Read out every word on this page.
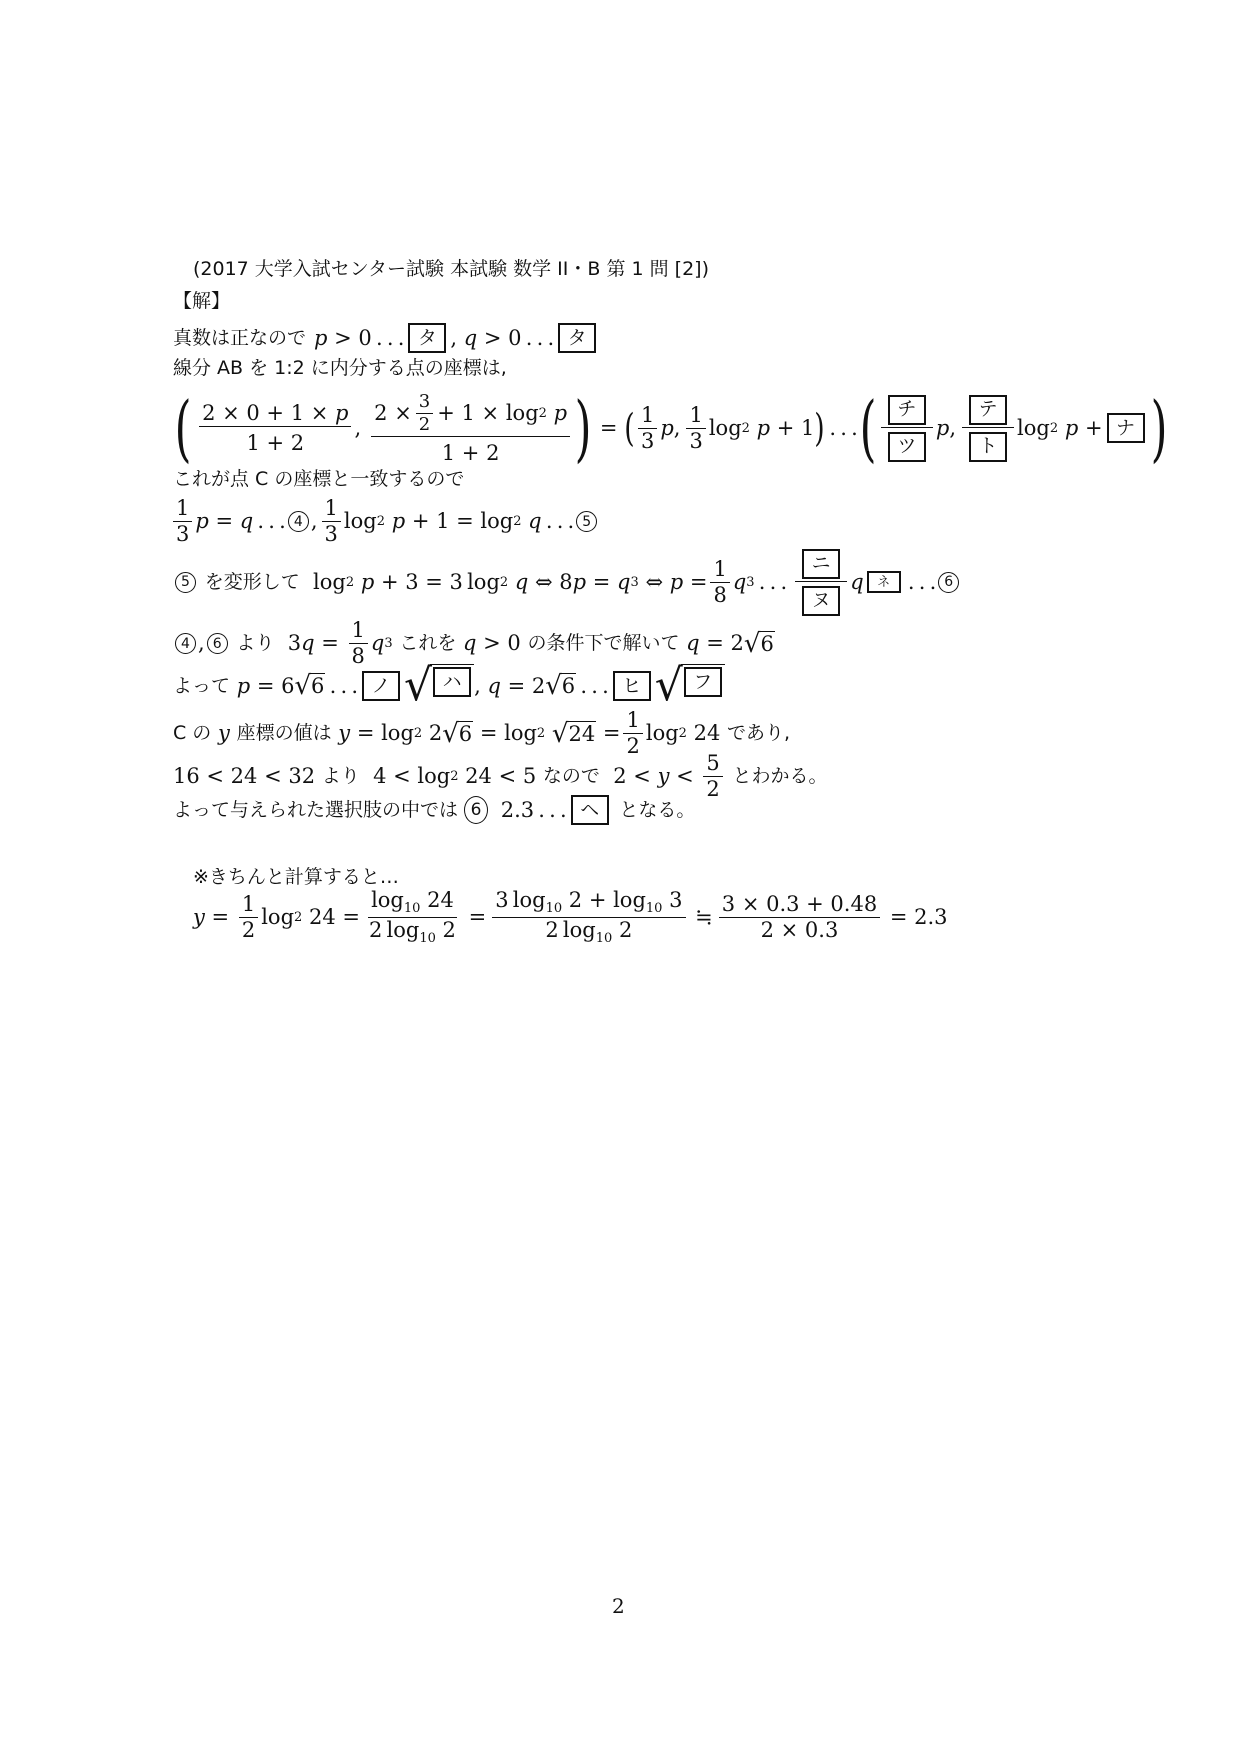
(2017 大学入試センター試験 本試験 数学 II・B 第 1 問 [2])
【解】
真数は正なので p > 0 . . . タ , q > 0 . . . タ
線分 AB を 1:2 に内分する点の座標は,
( $\frac{2 \times 0 + 1 \times p}{1 + 2}$ , $2 \times \frac{3}{2} + 1 \times \log 2$
p
1 + 2 ) = ( $\frac{1}{3}$ p , $\frac{1}{3}$ log 2
p + 1 )  . . . ( $\frac{\text{チ}}{\text{ツ}}$ p , $\frac{\text{テ}}{\text{ト}}$ log 2
p + ナ )
これが点 C の座標と一致するので
$\frac{1}{3}$ p = q  . . . 4 , $\frac{1}{3}$ log 2
p + 1 = log 2
q  . . . 5
5
を変形して log 2
p + 3 = 3 log 2
q ⇔ 8 p = q 3 ⇔ $p = \frac{1}{8}$ q 3  . . . $\frac{\text{ニ}}{\text{ヌ}}$ q	ネ  . . . 6
4 , 6
より 3 $q = \frac{1}{8}$ q 3
これを
q > 0 の条件下で解いて
q = 2 √ 6
よって
p = 6 √ 6  . . . ノ √ ハ , q = 2 √ 6  . . . ヒ √ フ
C の
y
座標の値は
y = log 2 2 √ 6 = log 2
√ $24 = \frac{1}{2}$ log 2 24 であり,
16 < 24 < 32 より 4 < log 2 24 < 5 なので $2 < y < \frac{5}{2}$
とわかる。
よって与えられた選択肢の中では 6
2.3  . . . ヘ
	となる。
※きちんと計算すると…
$y = \frac{1}{2}$ log 2 $24 = \frac{\log_{10} 24}{2 \log_{10} 2} = \frac{3 \log_{10} 2 + \log_{10} 3}{2 \log_{10} 2}$ ≒ $\frac{3 \times 0.3 + 0.48}{2 \times 0.3} = 2.3$
2
